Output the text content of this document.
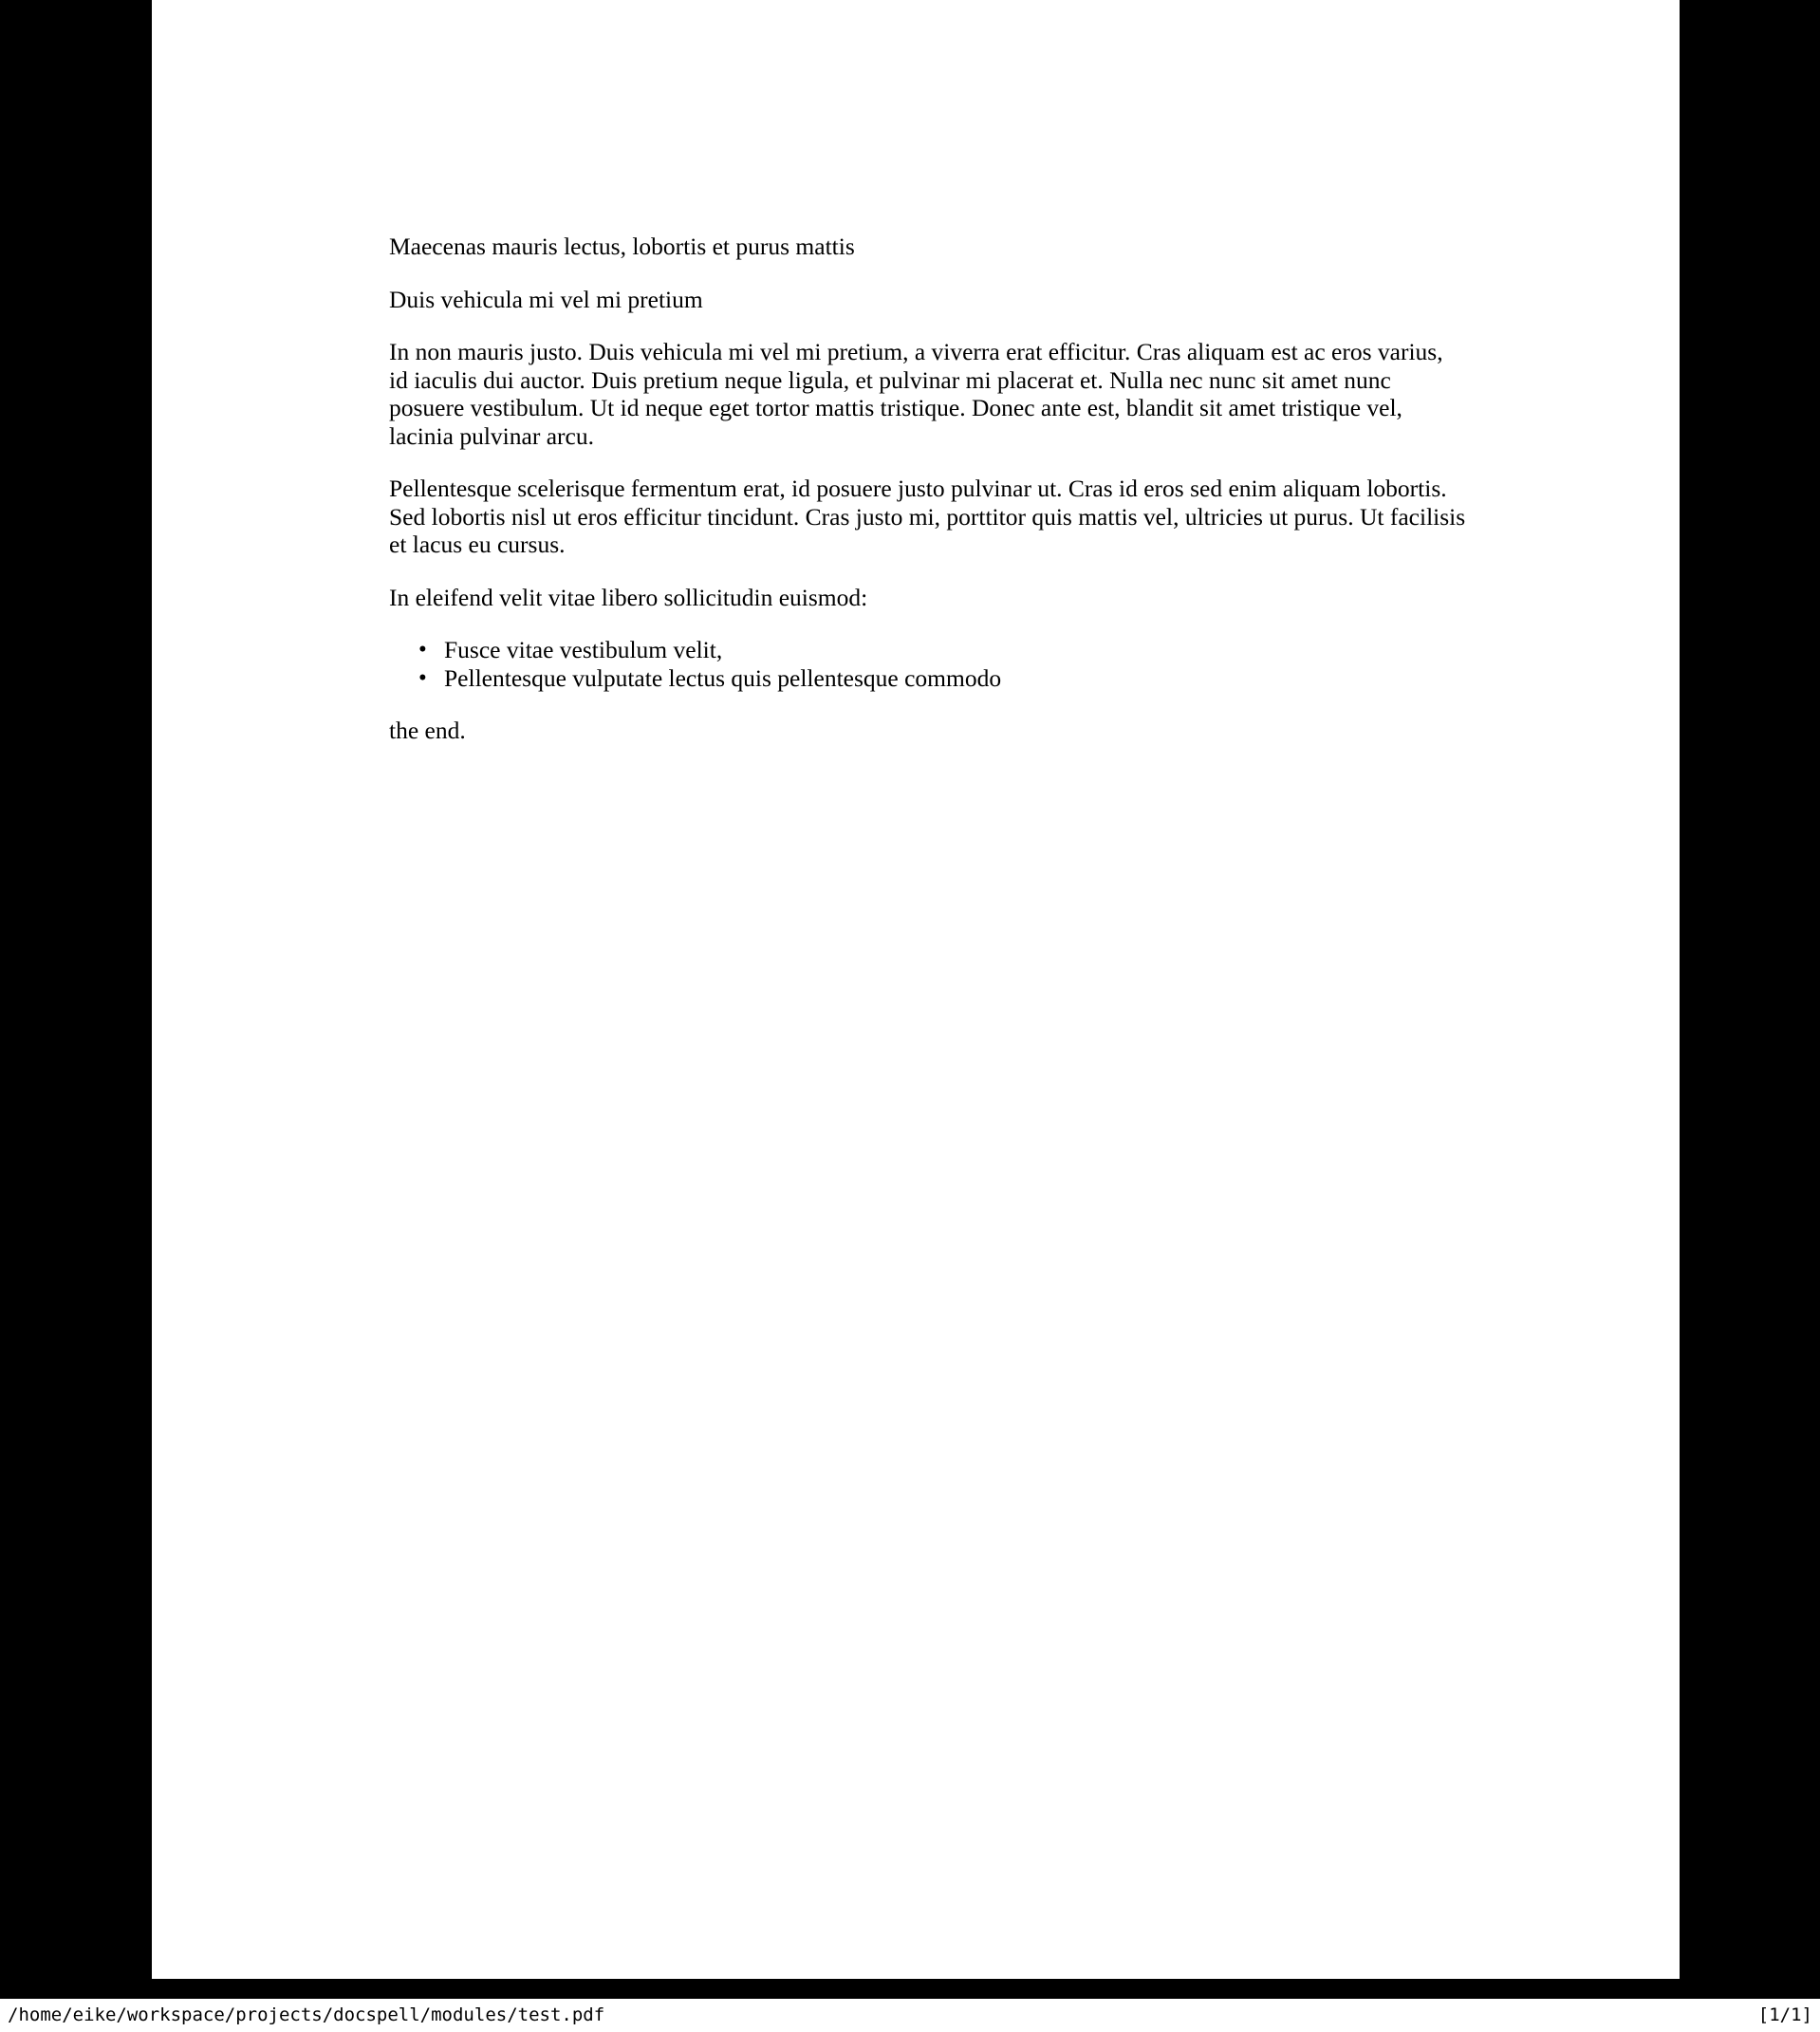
Maecenas mauris lectus, lobortis et purus mattis

Duis vehicula mi vel mi pretium

In non mauris justo. Duis vehicula mi vel mi pretium, a viverra erat efficitur. Cras aliquam est ac eros varius, id iaculis dui auctor. Duis pretium neque ligula, et pulvinar mi placerat et. Nulla nec nunc sit amet nunc posuere vestibulum. Ut id neque eget tortor mattis tristique. Donec ante est, blandit sit amet tristique vel, lacinia pulvinar arcu.

Pellentesque scelerisque fermentum erat, id posuere justo pulvinar ut. Cras id eros sed enim aliquam lobortis. Sed lobortis nisl ut eros efficitur tincidunt. Cras justo mi, porttitor quis mattis vel, ultricies ut purus. Ut facilisis et lacus eu cursus.

In eleifend velit vitae libero sollicitudin euismod:

• Fusce vitae vestibulum velit,
• Pellentesque vulputate lectus quis pellentesque commodo

the end.

/home/eike/workspace/projects/docspell/modules/test.pdf	[1/1]
